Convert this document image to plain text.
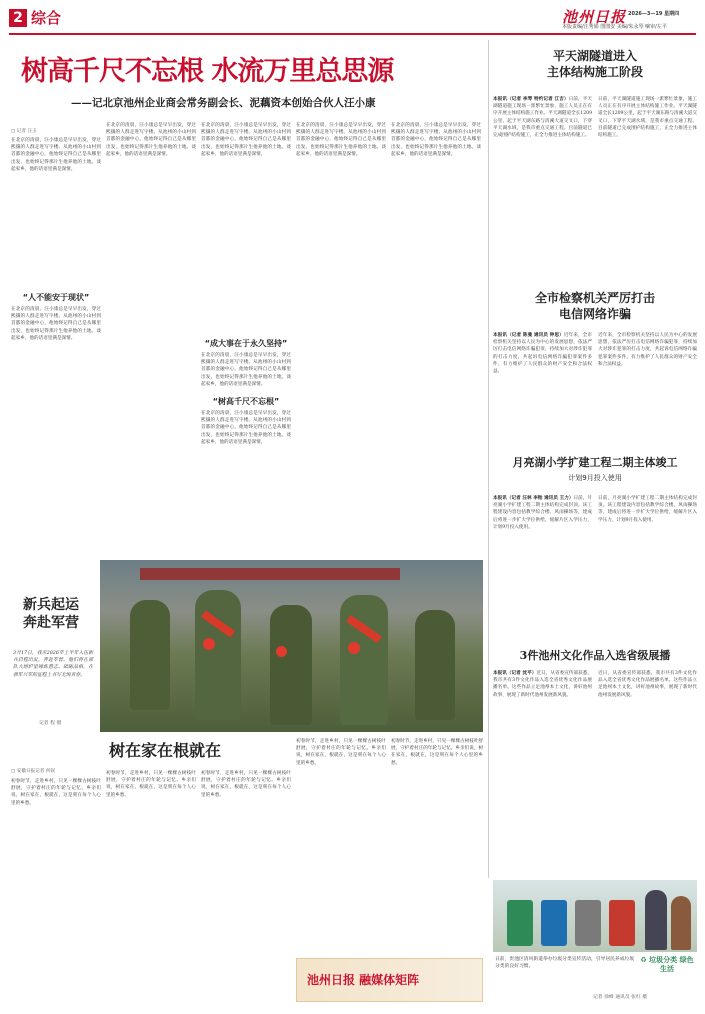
2 综合	池州日报 2026—3—19 星期四
本版责编/汪秀娟 图图安 美编/朱永琴 嘀审/左平
树高千尺不忘根 水流万里总思源
——记北京池州企业商会常务副会长、泥藕资本创始合伙人汪小康
□ 记者 汪玉
在北京的清晨，汪小康总是早早出发，穿过熙攘的人群走进写字楼。从池州的小山村到首都的金融中心，他始终记得自己是从哪里出发，也始终记得那片生他养他的土地。谈起家乡，他的话语里满是深情。
“人不能安于现状”
在北京的清晨，汪小康总是早早出发，穿过熙攘的人群走进写字楼。从池州的小山村到首都的金融中心，他始终记得自己是从哪里出发，也始终记得那片生他养他的土地。谈起家乡，他的话语里满是深情。
在北京的清晨，汪小康总是早早出发，穿过熙攘的人群走进写字楼。从池州的小山村到首都的金融中心，他始终记得自己是从哪里出发，也始终记得那片生他养他的土地。谈起家乡，他的话语里满是深情。
在北京的清晨，汪小康总是早早出发，穿过熙攘的人群走进写字楼。从池州的小山村到首都的金融中心，他始终记得自己是从哪里出发，也始终记得那片生他养他的土地。谈起家乡，他的话语里满是深情。
“成大事在于永久坚持”
在北京的清晨，汪小康总是早早出发，穿过熙攘的人群走进写字楼。从池州的小山村到首都的金融中心，他始终记得自己是从哪里出发，也始终记得那片生他养他的土地。谈起家乡，他的话语里满是深情。
“树高千尺不忘根”
在北京的清晨，汪小康总是早早出发，穿过熙攘的人群走进写字楼。从池州的小山村到首都的金融中心，他始终记得自己是从哪里出发，也始终记得那片生他养他的土地。谈起家乡，他的话语里满是深情。
在北京的清晨，汪小康总是早早出发，穿过熙攘的人群走进写字楼。从池州的小山村到首都的金融中心，他始终记得自己是从哪里出发，也始终记得那片生他养他的土地。谈起家乡，他的话语里满是深情。
在北京的清晨，汪小康总是早早出发，穿过熙攘的人群走进写字楼。从池州的小山村到首都的金融中心，他始终记得自己是从哪里出发，也始终记得那片生他养他的土地。谈起家乡，他的话语里满是深情。
平天湖隧道进入
主体结构施工阶段
本报讯（记者 李琴 特约记者 江吉）日前，平天湖隧道施工现场一派繁忙景象，施工人员正在有序开展主体结构施工作业。平天湖隧道全长1209公里，起于平天湖东路与清溪大道交叉口，下穿平天湖水域，是我市重点交通工程。目前隧道已完成围护结构施工，正全力推进主体结构施工。
日前，平天湖隧道施工现场一派繁忙景象，施工人员正在有序开展主体结构施工作业。平天湖隧道全长1209公里，起于平天湖东路与清溪大道交叉口，下穿平天湖水域，是我市重点交通工程。目前隧道已完成围护结构施工，正全力推进主体结构施工。
全市检察机关严厉打击
电信网络诈骗
本报讯（记者 陈曼 通讯员 钟思）近年来，全市检察机关坚持以人民为中心的发展思想，依法严厉打击电信网络诈骗犯罪，持续加大对涉诈犯罪的打击力度，共起诉电信网络诈骗犯罪案件多件，有力维护了人民群众的财产安全和合法权益。
近年来，全市检察机关坚持以人民为中心的发展思想，依法严厉打击电信网络诈骗犯罪，持续加大对涉诈犯罪的打击力度，共起诉电信网络诈骗犯罪案件多件，有力维护了人民群众的财产安全和合法权益。
月亮湖小学扩建工程二期主体竣工
计划9月投入使用
本报讯（记者 汪林 李贻 通讯员 王力）日前，月亮湖小学扩建工程二期主体结构完成封顶。该工程建设内容包括教学综合楼、风雨操场等，建成后将进一步扩大学位供给，缓解片区入学压力，计划9月投入使用。
日前，月亮湖小学扩建工程二期主体结构完成封顶。该工程建设内容包括教学综合楼、风雨操场等，建成后将进一步扩大学位供给，缓解片区入学压力，计划9月投入使用。
3件池州文化作品入选省级展播
本报讯（记者 沈平）近日，从省委宣传部获悉，我市共有3件文化作品入选全省优秀文化作品展播名单。这些作品立足池州本土文化，讲好池州故事，展现了新时代池州发展新风貌。
近日，从省委宣传部获悉，我市共有3件文化作品入选全省优秀文化作品展播名单。这些作品立足池州本土文化，讲好池州故事，展现了新时代池州发展新风貌。
新兵起运
奔赴军营
3月17日，我市2026年上半年入伍新兵启程出发，奔赴军营。他们将在部队大熔炉里锤炼意志、砥砺品格，在强军兴军的征程上书写无悔青春。
记者 程 摄
树在家在根就在
□ 安徽日报记者 何叙
初春时节，走进乡村，只见一棵棵古树枝叶舒展，守护着村庄的年轮与记忆。乡亲们说，树在家在，根就在，这是刻在每个人心里的乡愁。
初春时节，走进乡村，只见一棵棵古树枝叶舒展，守护着村庄的年轮与记忆。乡亲们说，树在家在，根就在，这是刻在每个人心里的乡愁。
初春时节，走进乡村，只见一棵棵古树枝叶舒展，守护着村庄的年轮与记忆。乡亲们说，树在家在，根就在，这是刻在每个人心里的乡愁。
初春时节，走进乡村，只见一棵棵古树枝叶舒展，守护着村庄的年轮与记忆。乡亲们说，树在家在，根就在，这是刻在每个人心里的乡愁。
初春时节，走进乡村，只见一棵棵古树枝叶舒展，守护着村庄的年轮与记忆。乡亲们说，树在家在，根就在，这是刻在每个人心里的乡愁。
池州日报 融媒体矩阵
日前，贵池区清风街道举办垃圾分类宣传活动，引导居民养成垃圾分类的良好习惯。
♻ 垃圾分类 绿色生活
记者 徐峰 通讯员 张红 摄
